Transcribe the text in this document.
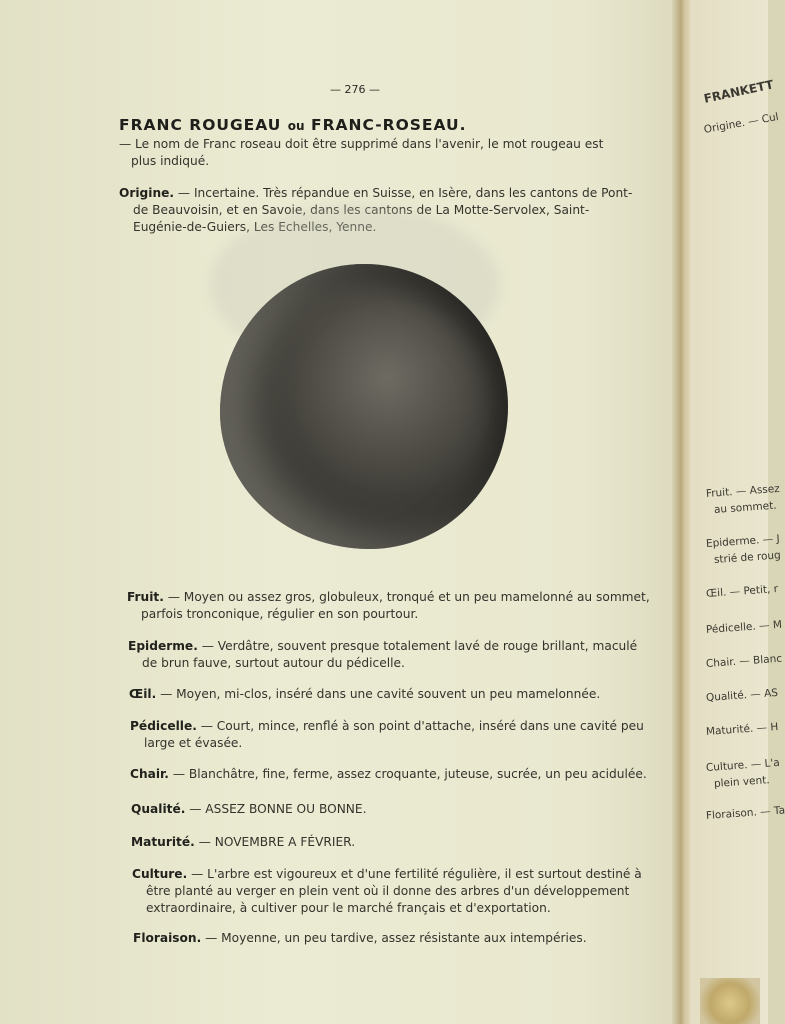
— 276 —
FRANC ROUGEAU ou FRANC-ROSEAU.
— Le nom de Franc roseau doit être supprimé dans l'avenir, le mot rougeau est
plus indiqué.
Origine. — Incertaine. Très répandue en Suisse, en Isère, dans les cantons de Pont-
de Beauvoisin, et en Savoie, dans les cantons de La Motte-Servolex, Saint-
Eugénie-de-Guiers, Les Echelles, Yenne.
Fruit. — Moyen ou assez gros, globuleux, tronqué et un peu mamelonné au sommet,
parfois tronconique, régulier en son pourtour.
Epiderme. — Verdâtre, souvent presque totalement lavé de rouge brillant, maculé
de brun fauve, surtout autour du pédicelle.
Œil. — Moyen, mi-clos, inséré dans une cavité souvent un peu mamelonnée.
Pédicelle. — Court, mince, renflé à son point d'attache, inséré dans une cavité peu
large et évasée.
Chair. — Blanchâtre, fine, ferme, assez croquante, juteuse, sucrée, un peu acidulée.
Qualité. — ASSEZ BONNE OU BONNE.
Maturité. — NOVEMBRE A FÉVRIER.
Culture. — L'arbre est vigoureux et d'une fertilité régulière, il est surtout destiné à
être planté au verger en plein vent où il donne des arbres d'un développement
extraordinaire, à cultiver pour le marché français et d'exportation.
Floraison. — Moyenne, un peu tardive, assez résistante aux intempéries.
FRANKETT
Origine. — Cul
Fruit. — Assez
au sommet.
Epiderme. — J
strié de roug
Œil. — Petit, r
Pédicelle. — M
Chair. — Blanc
Qualité. — AS
Maturité. — H
Culture. — L'a
plein vent.
Floraison. — Ta
